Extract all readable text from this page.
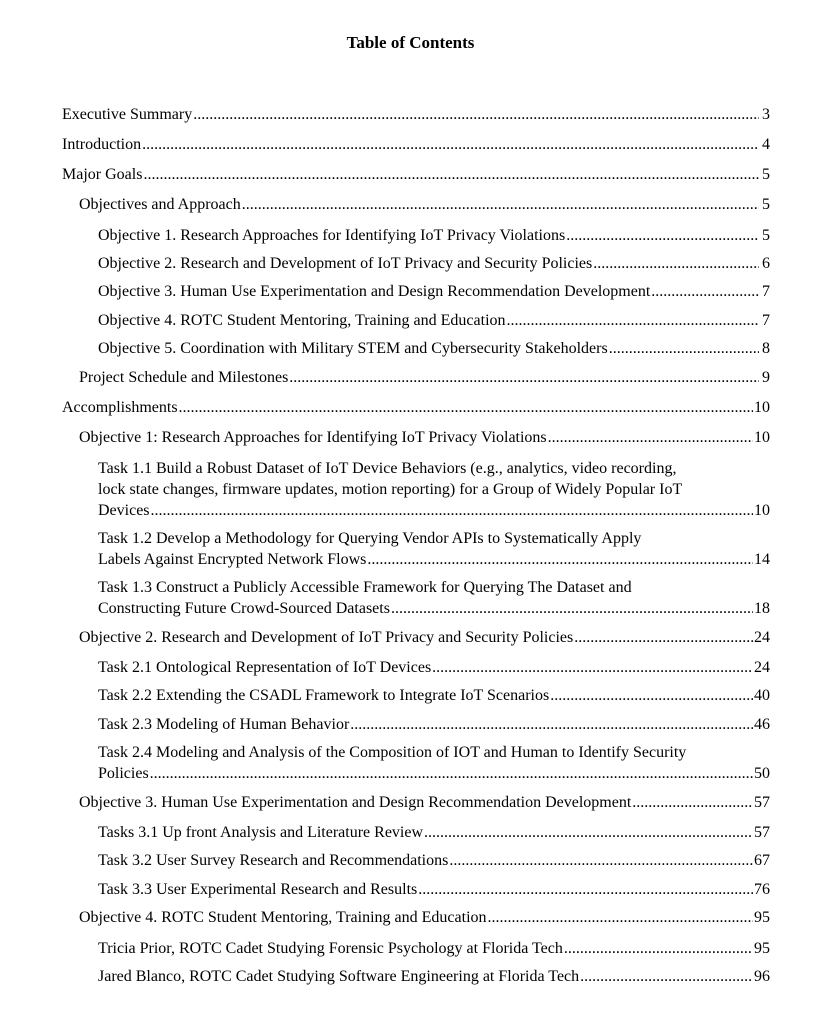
Table of Contents
Executive Summary .....	3
Introduction .....	4
Major Goals .....	5
Objectives and Approach .....	5
Objective 1. Research Approaches for Identifying IoT Privacy Violations .....	5
Objective 2. Research and Development of IoT Privacy and Security Policies .....	6
Objective 3. Human Use Experimentation and Design Recommendation Development .....	7
Objective 4. ROTC Student Mentoring, Training and Education .....	7
Objective 5. Coordination with Military STEM and Cybersecurity Stakeholders .....	8
Project Schedule and Milestones .....	9
Accomplishments .....	10
Objective 1: Research Approaches for Identifying IoT Privacy Violations .....	10
Task 1.1 Build a Robust Dataset of IoT Device Behaviors (e.g., analytics, video recording,
lock state changes, firmware updates, motion reporting) for a Group of Widely Popular IoT
Devices .....	10
Task 1.2 Develop a Methodology for Querying Vendor APIs to Systematically Apply
Labels Against Encrypted Network Flows .....	14
Task 1.3 Construct a Publicly Accessible Framework for Querying The Dataset and
Constructing Future Crowd-Sourced Datasets .....	18
Objective 2. Research and Development of IoT Privacy and Security Policies .....	24
Task 2.1 Ontological Representation of IoT Devices .....	24
Task 2.2 Extending the CSADL Framework to Integrate IoT Scenarios .....	40
Task 2.3 Modeling of Human Behavior .....	46
Task 2.4 Modeling and Analysis of the Composition of IOT and Human to Identify Security
Policies .....	50
Objective 3. Human Use Experimentation and Design Recommendation Development .....	57
Tasks 3.1 Up front Analysis and Literature Review .....	57
Task 3.2 User Survey Research and Recommendations .....	67
Task 3.3 User Experimental Research and Results .....	76
Objective 4. ROTC Student Mentoring, Training and Education .....	95
Tricia Prior, ROTC Cadet Studying Forensic Psychology at Florida Tech .....	95
Jared Blanco, ROTC Cadet Studying Software Engineering at Florida Tech .....	96
